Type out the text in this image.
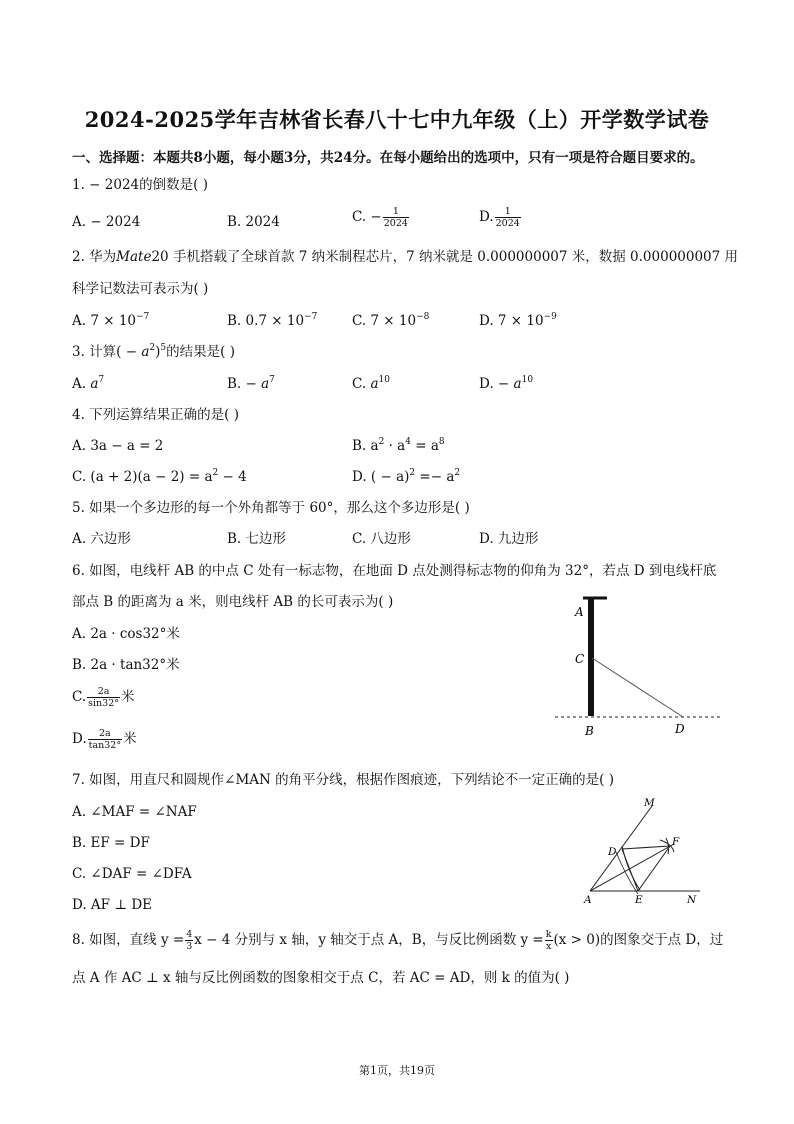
2024-2025学年吉林省长春八十七中九年级（上）开学数学试卷
一、选择题：本题共8小题，每小题3分，共24分。在每小题给出的选项中，只有一项是符合题目要求的。
1. − 2024的倒数是( )
A. − 2024	B. 2024	C. − $\frac{1}{2024}$	D. $\frac{1}{2024}$
2. 华为Mate20 手机搭载了全球首款 7 纳米制程芯片，7 纳米就是 0.000000007 米，数据 0.000000007 用
科学记数法可表示为( )
A. $7 \times 10^{-7}$	B. $0.7 \times 10^{-7}$	C. $7 \times 10^{-8}$	D. $7 \times 10^{-9}$
3. 计算( − $a^2)^5$的结果是( )
A. $a^7$	B. − $a^7$	C. $a^{10}$	D. − $a^{10}$
4. 下列运算结果正确的是( )
A. 3a − a = 2	B. $a^2 \cdot a^4 = a^8$
C. $(a + 2)(a - 2) = a^2 - 4$	D. ( − $a)^2 =- a^2$
5. 如果一个多边形的每一个外角都等于 60°，那么这个多边形是( )
A. 六边形	B. 七边形	C. 八边形	D. 九边形
6. 如图，电线杆 AB 的中点 C 处有一标志物，在地面 D 点处测得标志物的仰角为 32°，若点 D 到电线杆底
部点 B 的距离为 a 米，则电线杆 AB 的长可表示为( )
A. 2a · cos32°米
B. 2a · tan32°米
C. $\frac{2a}{\sin 32^\circ}$ 米
D. $\frac{2a}{\tan 32^\circ}$ 米
A
C
B	D
7. 如图，用直尺和圆规作∠MAN 的角平分线，根据作图痕迹，下列结论不一定正确的是( )
A. ∠MAF = ∠NAF
B. EF = DF
C. ∠DAF = ∠DFA
D. AF ⊥ DE
M
F
D
A	E	N
8. 如图，直线 $y = \frac{4}{3}$ x − 4 分别与 x 轴，y 轴交于点 A，B，与反比例函数 $y = \frac{k}{x} (x > 0)$的图象交于点 D，过
点 A 作 AC ⊥ x 轴与反比例函数的图象相交于点 C，若 AC = AD，则 k 的值为( )
第1页，共19页
